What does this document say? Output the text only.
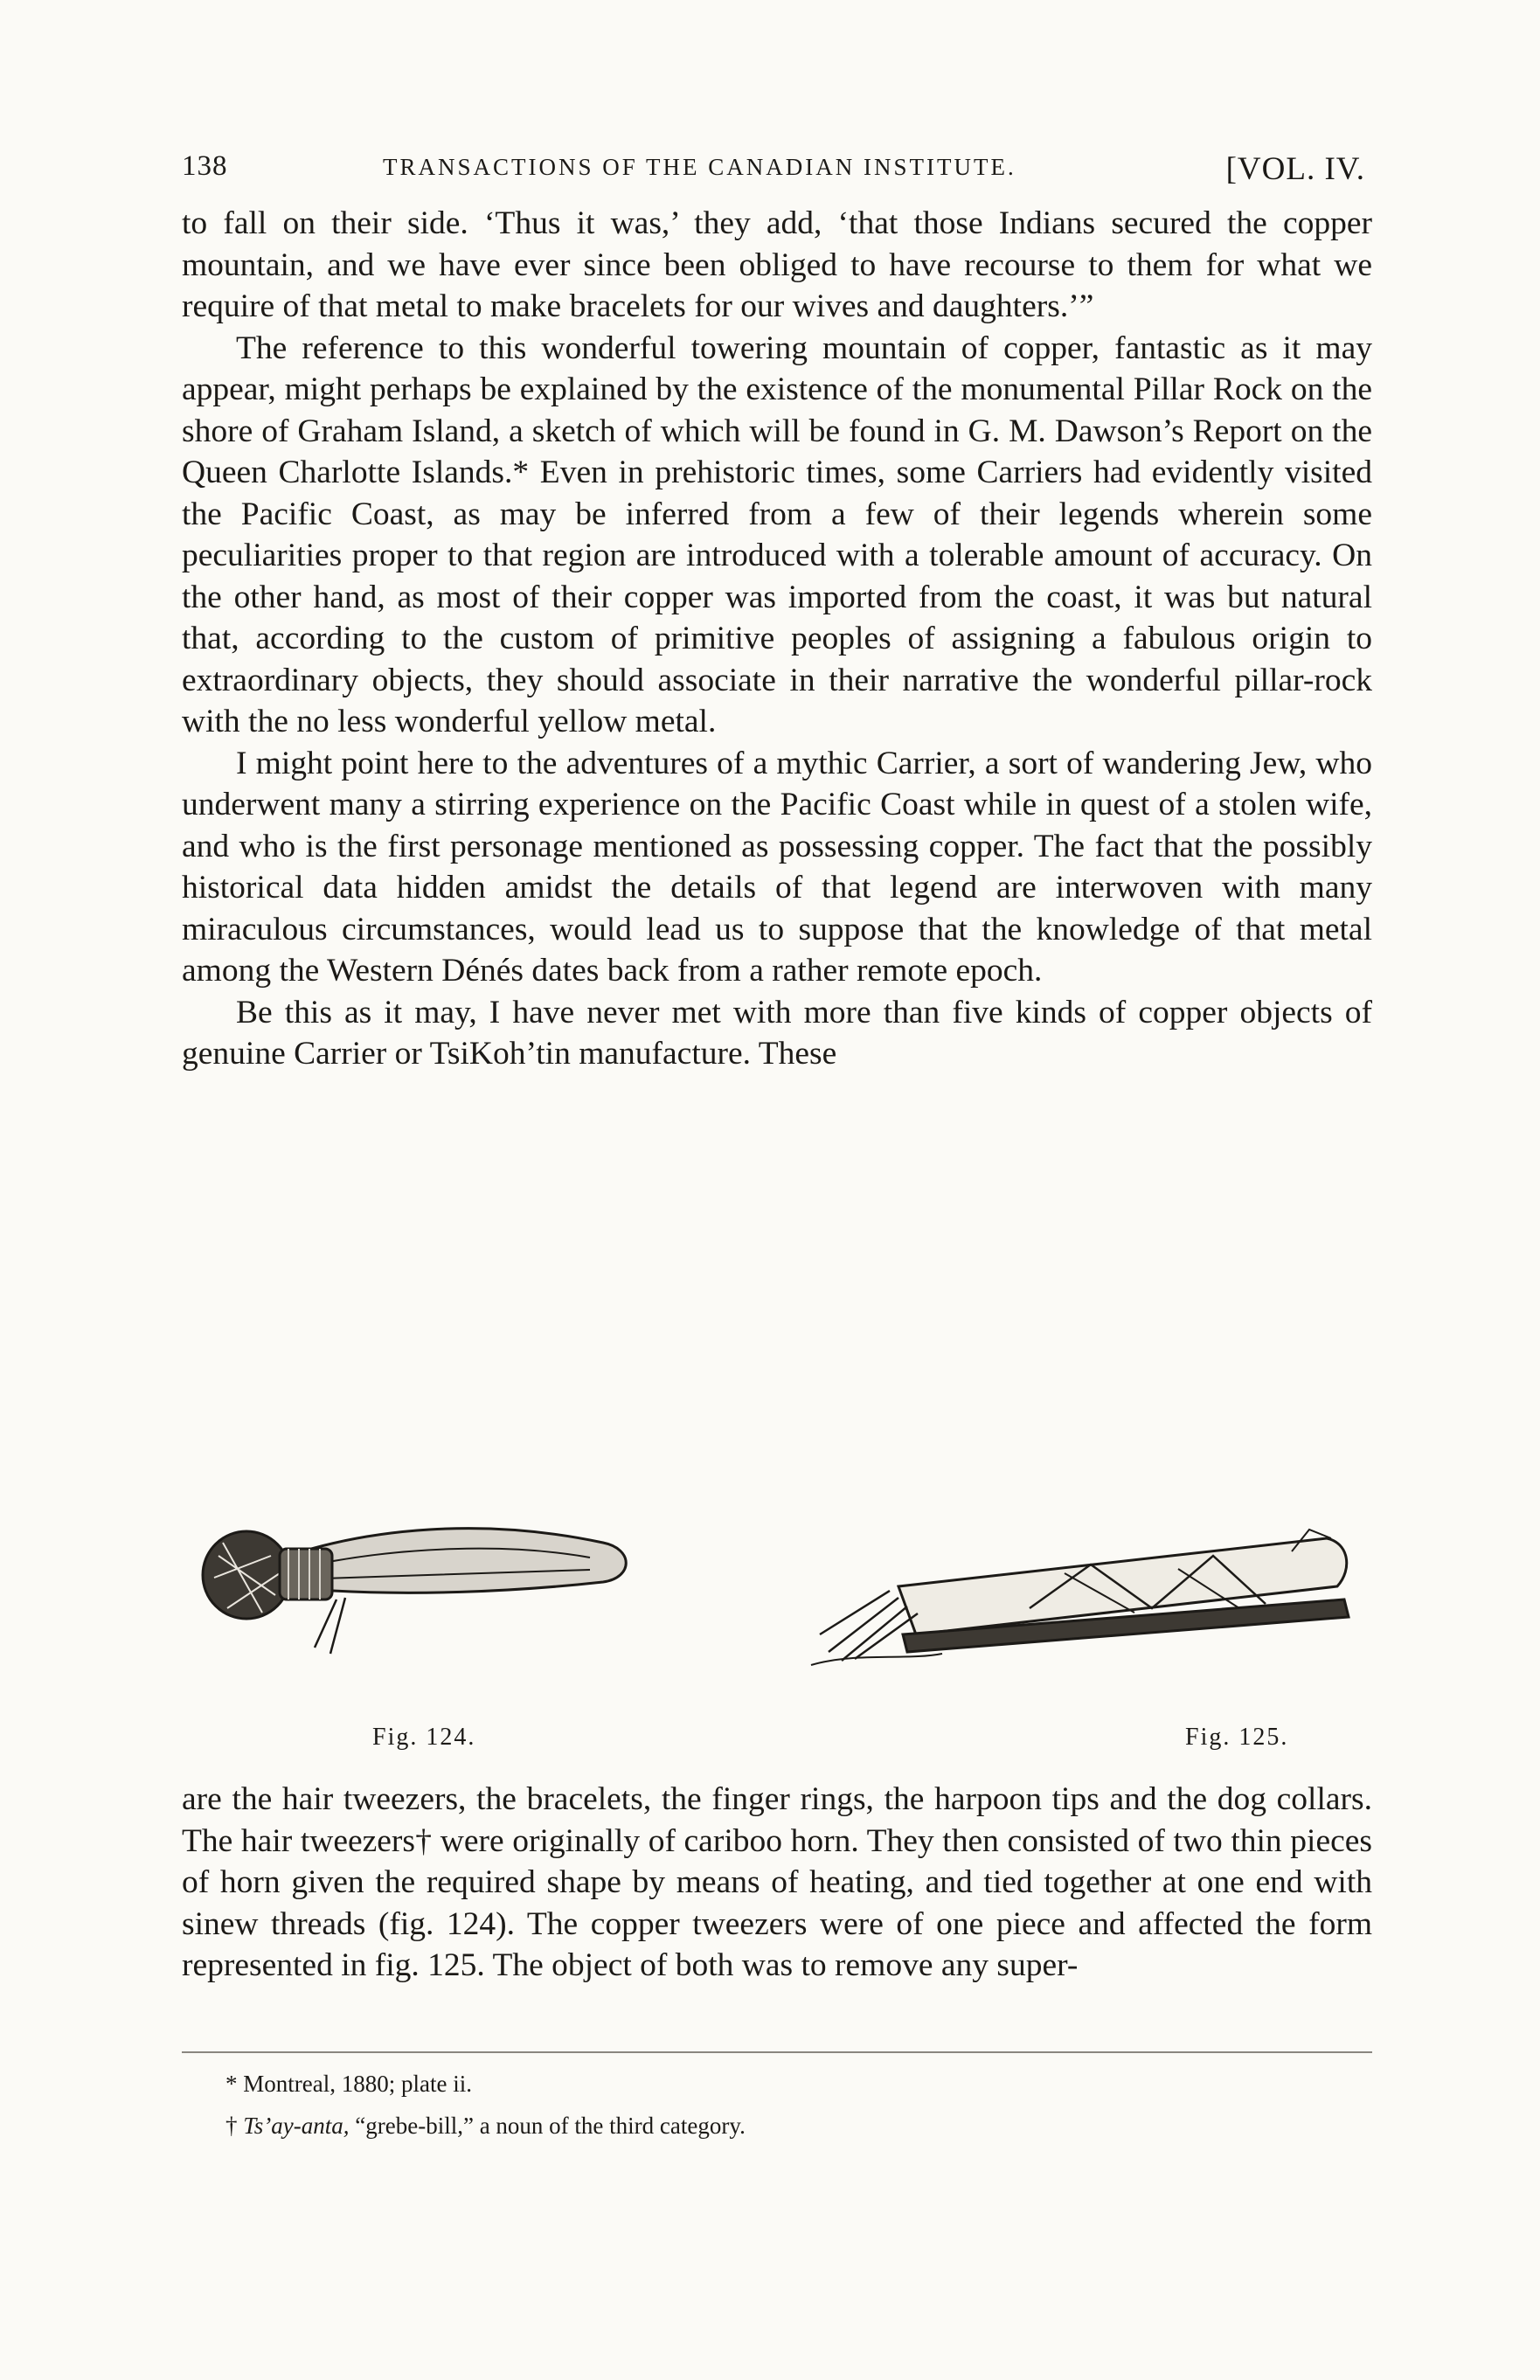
138	TRANSACTIONS OF THE CANADIAN INSTITUTE.	[VOL. IV.

to fall on their side. ‘Thus it was,’ they add, ‘that those Indians secured the copper mountain, and we have ever since been obliged to have recourse to them for what we require of that metal to make bracelets for our wives and daughters.’”

The reference to this wonderful towering mountain of copper, fantastic as it may appear, might perhaps be explained by the existence of the monumental Pillar Rock on the shore of Graham Island, a sketch of which will be found in G. M. Dawson’s Report on the Queen Charlotte Islands.* Even in prehistoric times, some Carriers had evidently visited the Pacific Coast, as may be inferred from a few of their legends wherein some peculiarities proper to that region are introduced with a tolerable amount of accuracy. On the other hand, as most of their copper was imported from the coast, it was but natural that, according to the custom of primitive peoples of assigning a fabulous origin to extraordinary objects, they should associate in their narrative the wonderful pillar-rock with the no less wonderful yellow metal.

I might point here to the adventures of a mythic Carrier, a sort of wandering Jew, who underwent many a stirring experience on the Pacific Coast while in quest of a stolen wife, and who is the first personage mentioned as possessing copper. The fact that the possibly historical data hidden amidst the details of that legend are interwoven with many miraculous circumstances, would lead us to suppose that the knowledge of that metal among the Western Dénés dates back from a rather remote epoch.

Be this as it may, I have never met with more than five kinds of copper objects of genuine Carrier or TsiKoh’tin manufacture. These

Fig. 124.	Fig. 125.

are the hair tweezers, the bracelets, the finger rings, the harpoon tips and the dog collars. The hair tweezers† were originally of cariboo horn. They then consisted of two thin pieces of horn given the required shape by means of heating, and tied together at one end with sinew threads (fig. 124). The copper tweezers were of one piece and affected the form represented in fig. 125. The object of both was to remove any super-

* Montreal, 1880; plate ii.

† Ts’ay-anta, “grebe-bill,” a noun of the third category.
